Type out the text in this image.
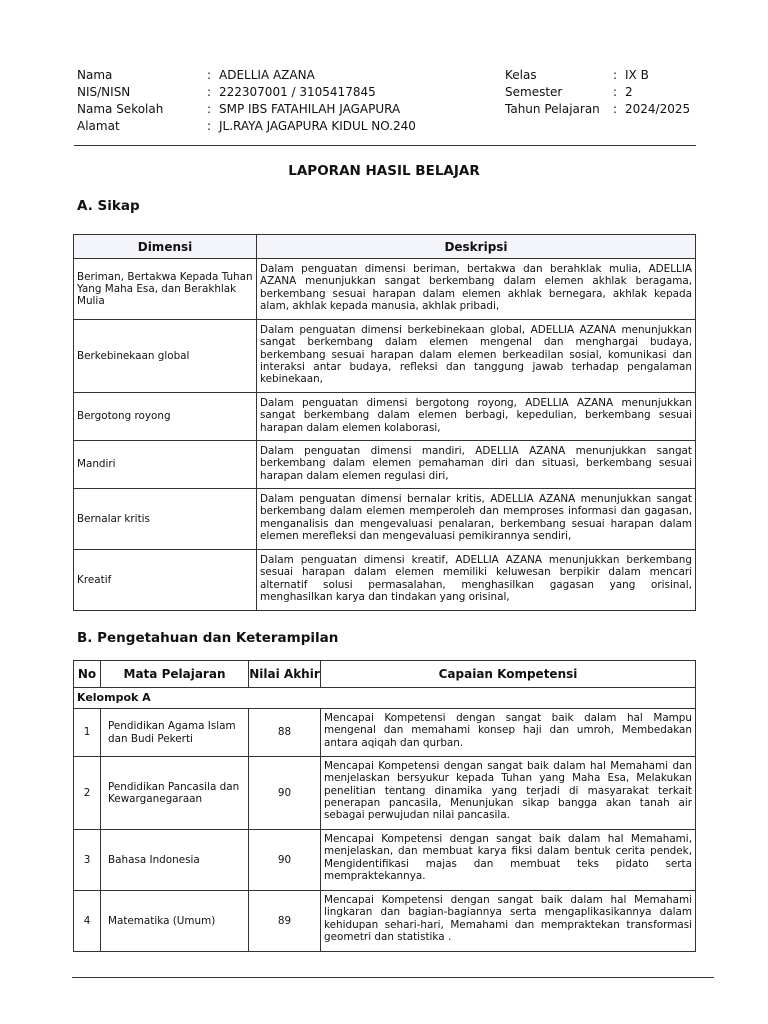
Nama	: ADELLIA AZANA
NIS/NISN	: 222307001 / 3105417845
Nama Sekolah	: SMP IBS FATAHILAH JAGAPURA
Alamat	: JL.RAYA JAGAPURA KIDUL NO.240
Kelas	: IX B
Semester	: 2
Tahun Pelajaran : 2024/2025
LAPORAN HASIL BELAJAR
A. Sikap
Dimensi	Deskripsi
Beriman, Bertakwa Kepada Tuhan Yang Maha Esa, dan Berakhlak Mulia	Dalam penguatan dimensi beriman, bertakwa dan berahklak mulia, ADELLIA AZANA menunjukkan sangat berkembang dalam elemen akhlak beragama, berkembang sesuai harapan dalam elemen akhlak bernegara, akhlak kepada alam, akhlak kepada manusia, akhlak pribadi,
Berkebinekaan global	Dalam penguatan dimensi berkebinekaan global, ADELLIA AZANA menunjukkan sangat berkembang dalam elemen mengenal dan menghargai budaya, berkembang sesuai harapan dalam elemen berkeadilan sosial, komunikasi dan interaksi antar budaya, refleksi dan tanggung jawab terhadap pengalaman kebinekaan,
Bergotong royong	Dalam penguatan dimensi bergotong royong, ADELLIA AZANA menunjukkan sangat berkembang dalam elemen berbagi, kepedulian, berkembang sesuai harapan dalam elemen kolaborasi,
Mandiri	Dalam penguatan dimensi mandiri, ADELLIA AZANA menunjukkan sangat berkembang dalam elemen pemahaman diri dan situasi, berkembang sesuai harapan dalam elemen regulasi diri,
Bernalar kritis	Dalam penguatan dimensi bernalar kritis, ADELLIA AZANA menunjukkan sangat berkembang dalam elemen memperoleh dan memproses informasi dan gagasan, menganalisis dan mengevaluasi penalaran, berkembang sesuai harapan dalam elemen merefleksi dan mengevaluasi pemikirannya sendiri,
Kreatif	Dalam penguatan dimensi kreatif, ADELLIA AZANA menunjukkan berkembang sesuai harapan dalam elemen memiliki keluwesan berpikir dalam mencari alternatif solusi permasalahan, menghasilkan gagasan yang orisinal, menghasilkan karya dan tindakan yang orisinal,
B. Pengetahuan dan Keterampilan
No	Mata Pelajaran	Nilai Akhir	Capaian Kompetensi
Kelompok A			
1	Pendidikan Agama Islam dan Budi Pekerti	88	Mencapai Kompetensi dengan sangat baik dalam hal Mampu mengenal dan memahami konsep haji dan umroh, Membedakan antara aqiqah dan qurban.
2	Pendidikan Pancasila dan Kewarganegaraan	90	Mencapai Kompetensi dengan sangat baik dalam hal Memahami dan menjelaskan bersyukur kepada Tuhan yang Maha Esa, Melakukan penelitian tentang dinamika yang terjadi di masyarakat terkait penerapan pancasila, Menunjukan sikap bangga akan tanah air sebagai perwujudan nilai pancasila.
3	Bahasa Indonesia	90	Mencapai Kompetensi dengan sangat baik dalam hal Memahami, menjelaskan, dan membuat karya fiksi dalam bentuk cerita pendek, Mengidentifikasi majas dan membuat teks pidato serta mempraktekannya.
4	Matematika (Umum)	89	Mencapai Kompetensi dengan sangat baik dalam hal Memahami lingkaran dan bagian-bagiannya serta mengaplikasikannya dalam kehidupan sehari-hari, Memahami dan mempraktekan transformasi geometri dan statistika .
